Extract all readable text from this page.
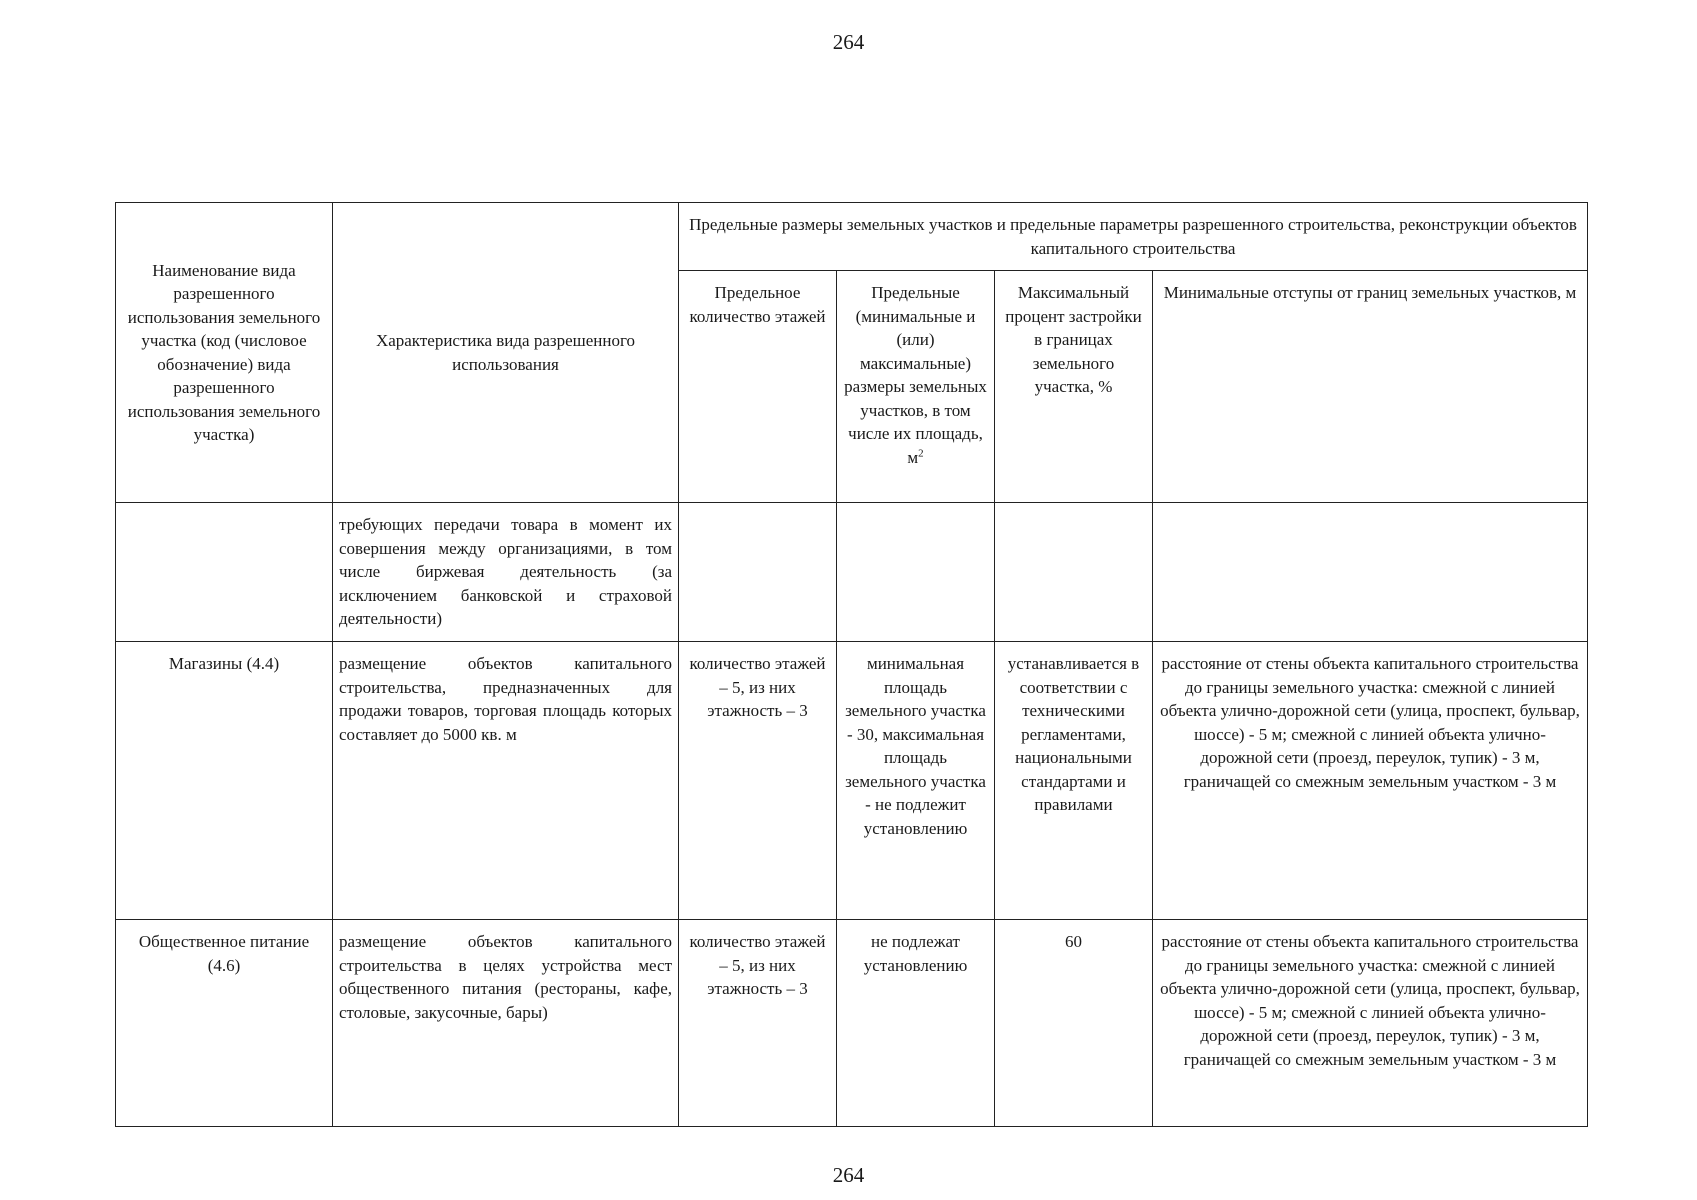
264
Наименование вида разрешенного использования земельного участка (код (числовое обозначение) вида разрешенного использования земельного участка)	Характеристика вида разрешенного использования	Предельные размеры земельных участков и предельные параметры разрешенного строительства, реконструкции объектов капитального строительства			
		Предельное количество этажей	Предельные (минимальные и (или) максимальные) размеры земельных участков, в том числе их площадь, $м^2$	Максимальный процент застройки в границах земельного участка, %	Минимальные отступы от границ земельных участков, м
	требующих передачи товара в момент их совершения между организациями, в том числе биржевая деятельность (за исключением банковской и страховой деятельности)				
Магазины (4.4)	размещение объектов капитального строительства, предназначенных для продажи товаров, торговая площадь которых составляет до 5000 кв. м	количество этажей – 5, из них этажность – 3	минимальная площадь земельного участка - 30, максимальная площадь земельного участка - не подлежит установлению	устанавливается в соответствии с техническими регламентами, национальными стандартами и правилами	расстояние от стены объекта капитального строительства до границы земельного участка: смежной с линией объекта улично-дорожной сети (улица, проспект, бульвар, шоссе) - 5 м; смежной с линией объекта улично-дорожной сети (проезд, переулок, тупик) - 3 м, граничащей со смежным земельным участком - 3 м
Общественное питание (4.6)	размещение объектов капитального строительства в целях устройства мест общественного питания (рестораны, кафе, столовые, закусочные, бары)	количество этажей – 5, из них этажность – 3	не подлежат установлению	60	расстояние от стены объекта капитального строительства до границы земельного участка: смежной с линией объекта улично-дорожной сети (улица, проспект, бульвар, шоссе) - 5 м; смежной с линией объекта улично-дорожной сети (проезд, переулок, тупик) - 3 м, граничащей со смежным земельным участком - 3 м
264
